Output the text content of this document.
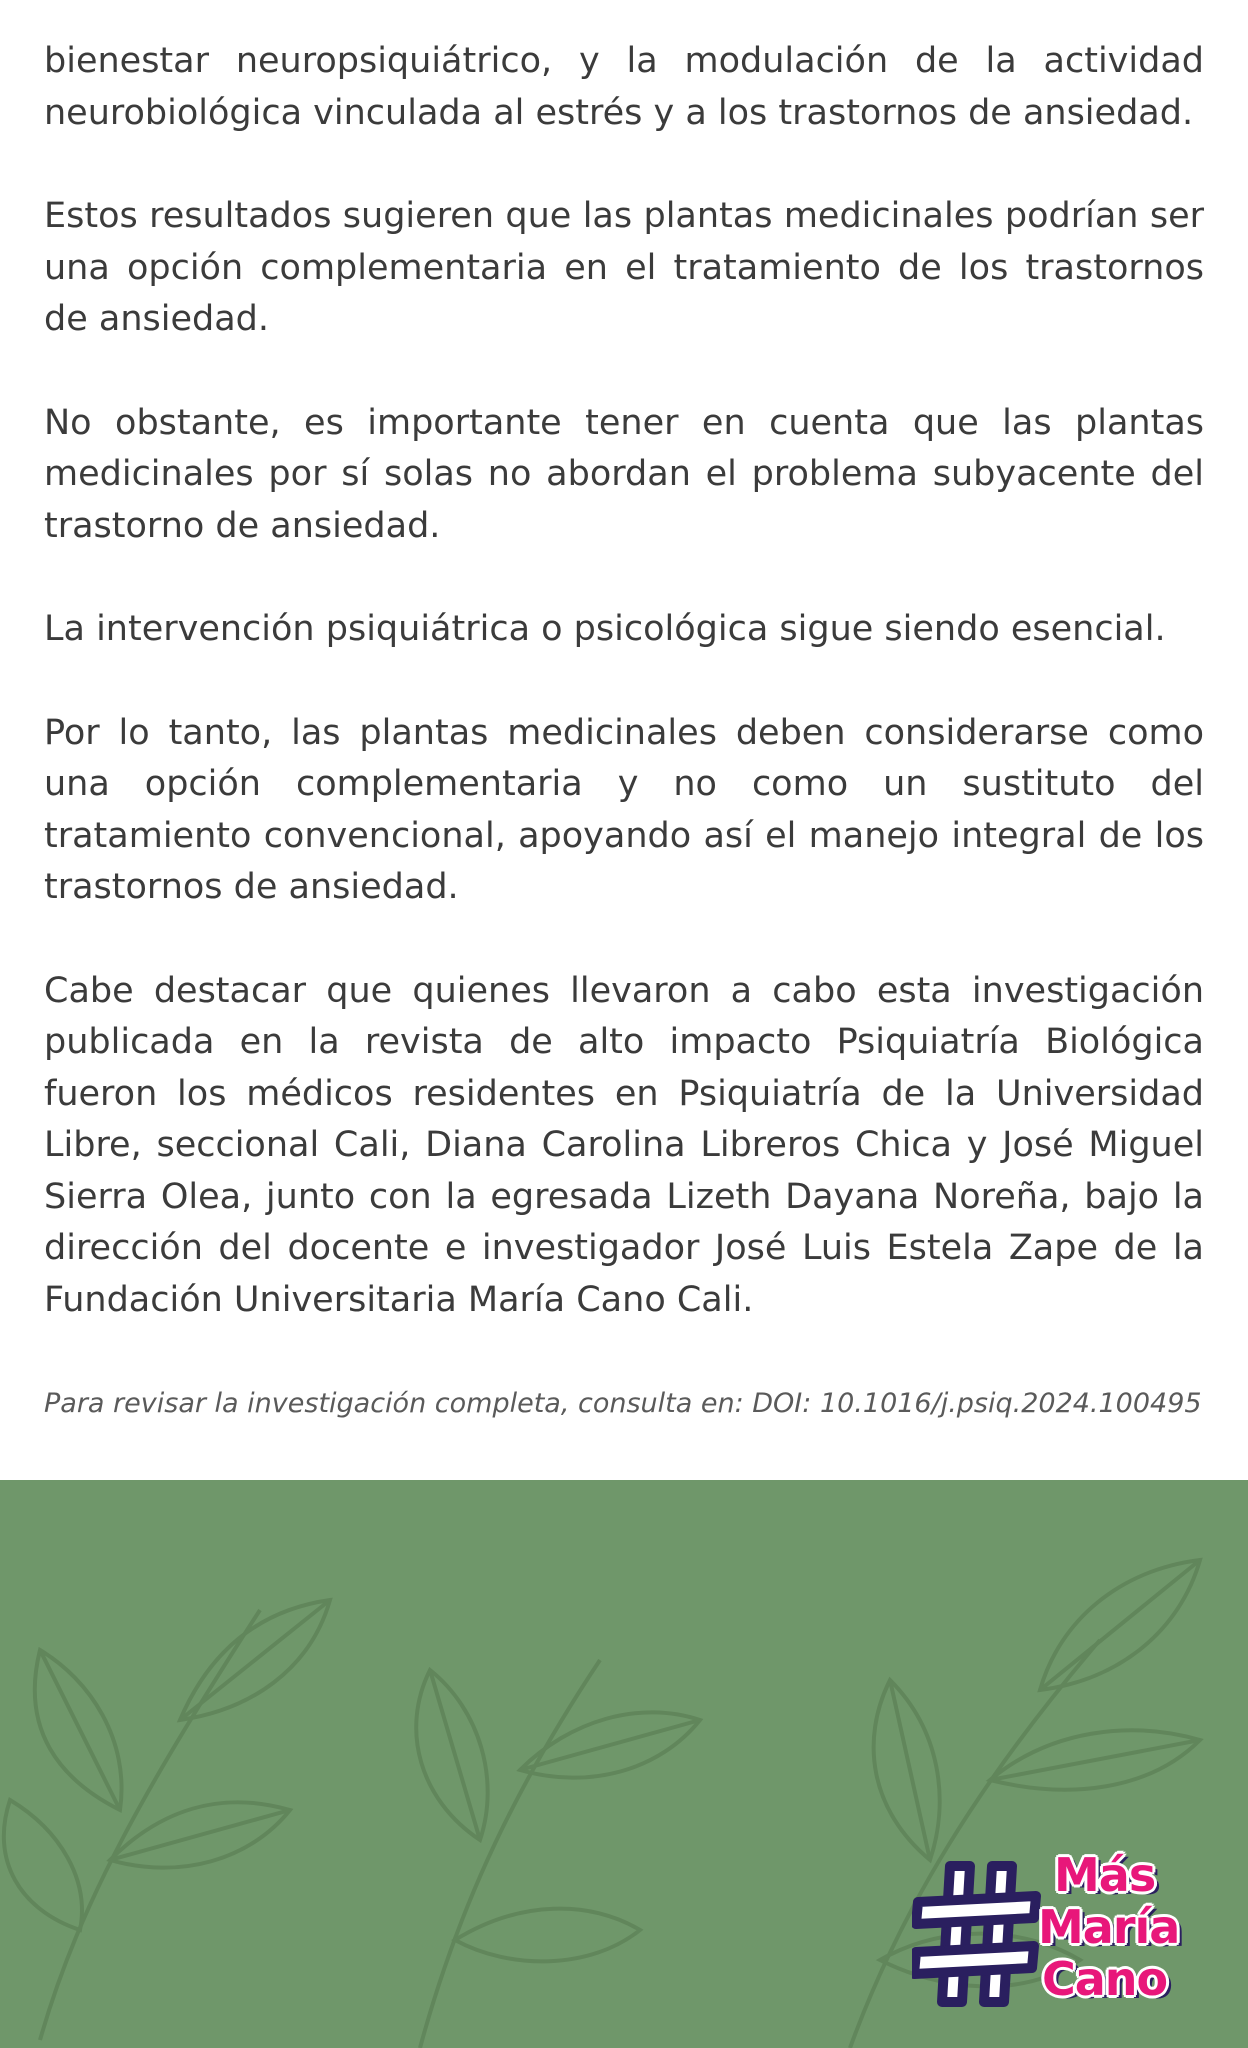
bienestar neuropsiquiátrico, y la modulación de la actividad neurobiológica vinculada al estrés y a los trastornos de ansiedad.

Estos resultados sugieren que las plantas medicinales podrían ser una opción complementaria en el tratamiento de los trastornos de ansiedad.

No obstante, es importante tener en cuenta que las plantas medicinales por sí solas no abordan el problema subyacente del trastorno de ansiedad.

La intervención psiquiátrica o psicológica sigue siendo esencial.

Por lo tanto, las plantas medicinales deben considerarse como una opción complementaria y no como un sustituto del tratamiento convencional, apoyando así el manejo integral de los trastornos de ansiedad.

Cabe destacar que quienes llevaron a cabo esta investigación publicada en la revista de alto impacto Psiquiatría Biológica fueron los médicos residentes en Psiquiatría de la Universidad Libre, seccional Cali, Diana Carolina Libreros Chica y José Miguel Sierra Olea, junto con la egresada Lizeth Dayana Noreña, bajo la dirección del docente e investigador José Luis Estela Zape de la Fundación Universitaria María Cano Cali.

Para revisar la investigación completa, consulta en: DOI: 10.1016/j.psiq.2024.100495

Más
María
Cano
